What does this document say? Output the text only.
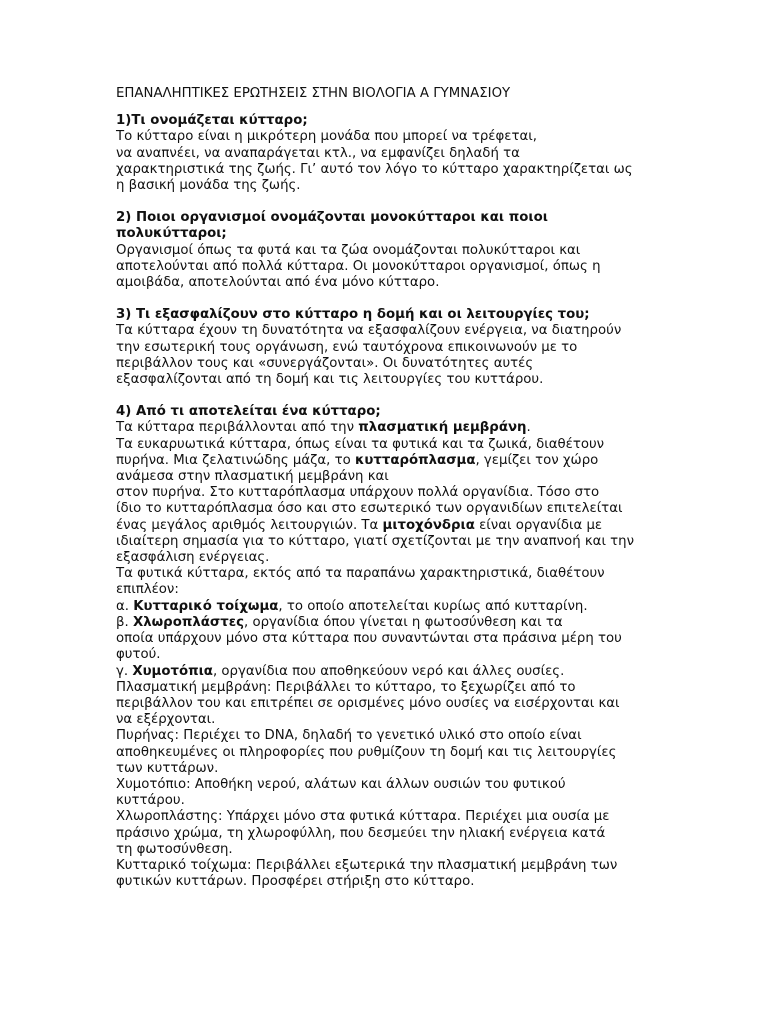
ΕΠΑΝΑΛΗΠΤΙΚΕΣ ΕΡΩΤΗΣΕΙΣ ΣΤΗΝ ΒΙΟΛΟΓΙΑ Α ΓΥΜΝΑΣΙΟΥ

1)Τι ονομάζεται κύτταρο;

Το κύτταρο είναι η μικρότερη μονάδα που μπορεί να τρέφεται,

να αναπνέει, να αναπαράγεται κτλ., να εμφανίζει δηλαδή τα

χαρακτηριστικά της ζωής. Γι’ αυτό τον λόγο το κύτταρο χαρακτηρίζεται ως

η βασική μονάδα της ζωής.

2) Ποιοι οργανισμοί ονομάζονται μονοκύτταροι και ποιοι

πολυκύτταροι;

Οργανισμοί όπως τα φυτά και τα ζώα ονομάζονται πολυκύτταροι και

αποτελούνται από πολλά κύτταρα. Οι μονοκύτταροι οργανισμοί, όπως η

αμοιβάδα, αποτελούνται από ένα μόνο κύτταρο.

3) Τι εξασφαλίζουν στο κύτταρο η δομή και οι λειτουργίες του;

Τα κύτταρα έχουν τη δυνατότητα να εξασφαλίζουν ενέργεια, να διατηρούν

την εσωτερική τους οργάνωση, ενώ ταυτόχρονα επικοινωνούν με το

περιβάλλον τους και «συνεργάζονται». Οι δυνατότητες αυτές

εξασφαλίζονται από τη δομή και τις λειτουργίες του κυττάρου.

4) Από τι αποτελείται ένα κύτταρο;

Τα κύτταρα περιβάλλονται από την πλασματική μεμβράνη.

Τα ευκαρυωτικά κύτταρα, όπως είναι τα φυτικά και τα ζωικά, διαθέτουν

πυρήνα. Μια ζελατινώδης μάζα, το κυτταρόπλασμα, γεμίζει τον χώρο

ανάμεσα στην πλασματική μεμβράνη και

στον πυρήνα. Στο κυτταρόπλασμα υπάρχουν πολλά οργανίδια. Τόσο στο

ίδιο το κυτταρόπλασμα όσο και στο εσωτερικό των οργανιδίων επιτελείται

ένας μεγάλος αριθμός λειτουργιών. Τα μιτοχόνδρια είναι οργανίδια με

ιδιαίτερη σημασία για το κύτταρο, γιατί σχετίζονται με την αναπνοή και την

εξασφάλιση ενέργειας.

Τα φυτικά κύτταρα, εκτός από τα παραπάνω χαρακτηριστικά, διαθέτουν

επιπλέον:

α. Κυτταρικό τοίχωμα, το οποίο αποτελείται κυρίως από κυτταρίνη.

β. Χλωροπλάστες, οργανίδια όπου γίνεται η φωτοσύνθεση και τα

οποία υπάρχουν μόνο στα κύτταρα που συναντώνται στα πράσινα μέρη του

φυτού.

γ. Χυμοτόπια, οργανίδια που αποθηκεύουν νερό και άλλες ουσίες.

Πλασματική μεμβράνη: Περιβάλλει το κύτταρο, το ξεχωρίζει από το

περιβάλλον του και επιτρέπει σε ορισμένες μόνο ουσίες να εισέρχονται και

να εξέρχονται.

Πυρήνας: Περιέχει το DNA, δηλαδή το γενετικό υλικό στο οποίο είναι

αποθηκευμένες οι πληροφορίες που ρυθμίζουν τη δομή και τις λειτουργίες

των κυττάρων.

Χυμοτόπιο: Αποθήκη νερού, αλάτων και άλλων ουσιών του φυτικού

κυττάρου.

Χλωροπλάστης: Υπάρχει μόνο στα φυτικά κύτταρα. Περιέχει μια ουσία με

πράσινο χρώμα, τη χλωροφύλλη, που δεσμεύει την ηλιακή ενέργεια κατά

τη φωτοσύνθεση.

Κυτταρικό τοίχωμα: Περιβάλλει εξωτερικά την πλασματική μεμβράνη των

φυτικών κυττάρων. Προσφέρει στήριξη στο κύτταρο.
